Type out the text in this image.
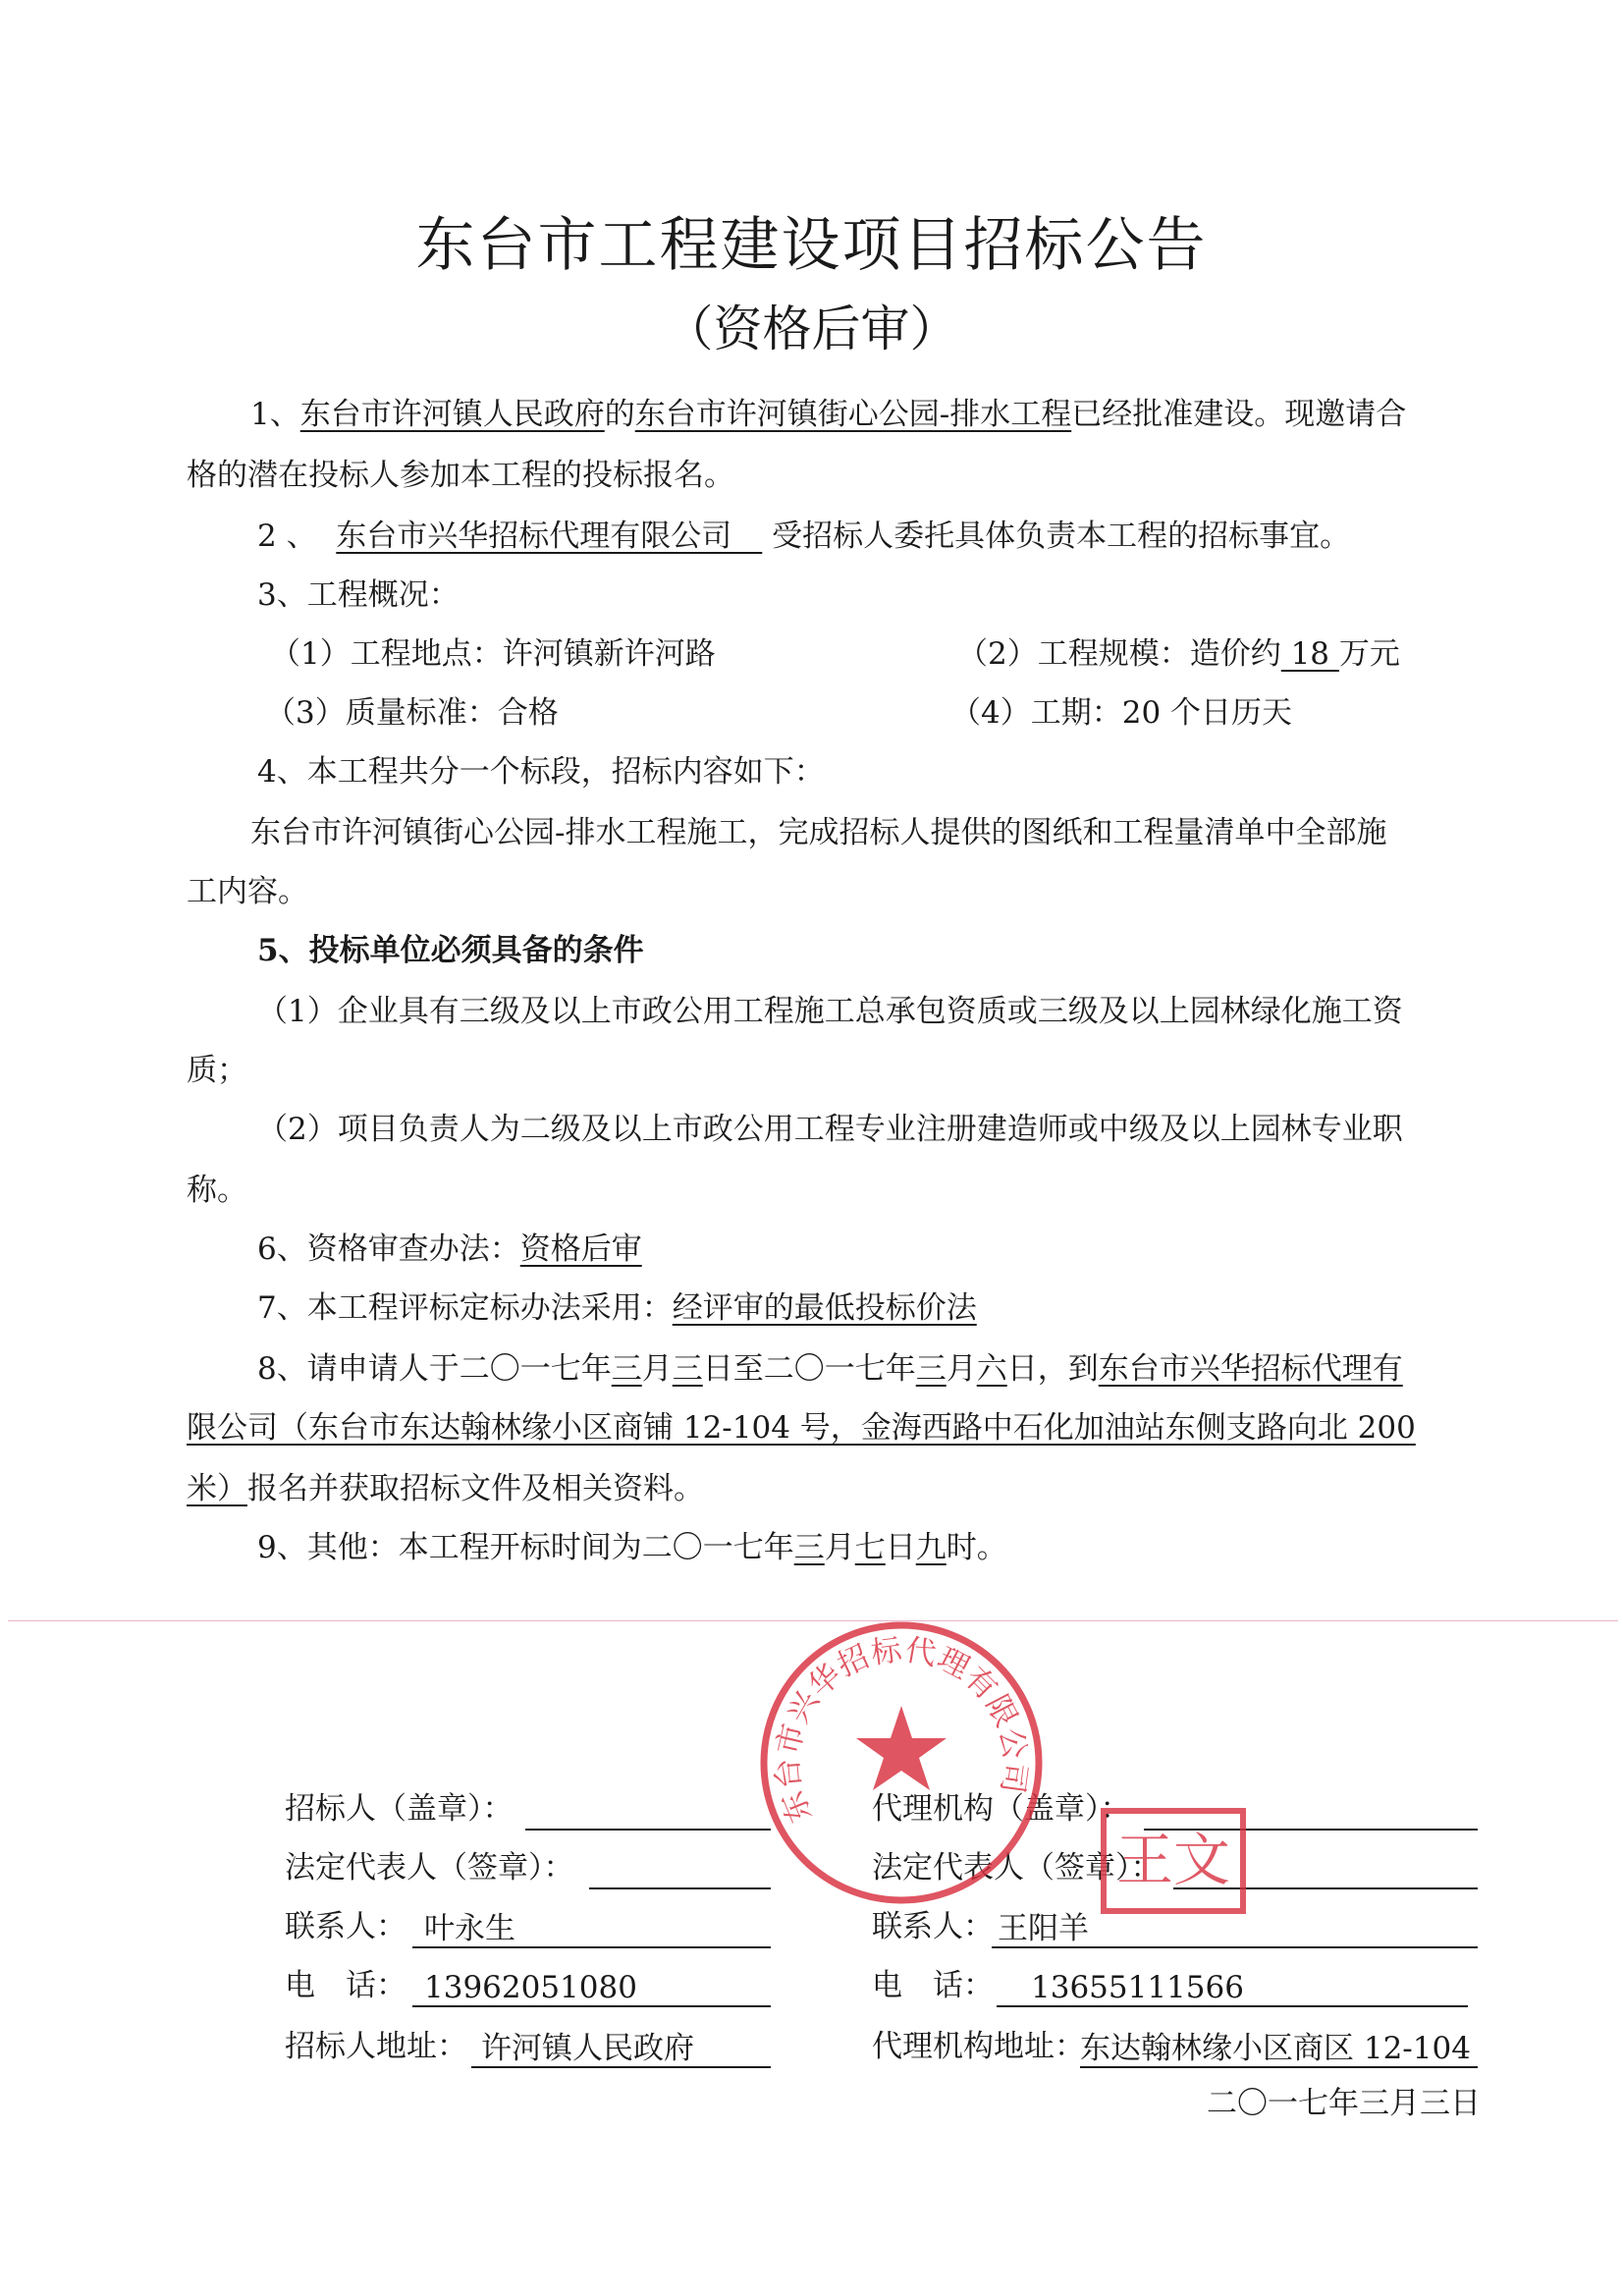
东台市工程建设项目招标公告
（资格后审）
1、东台市许河镇人民政府的东台市许河镇街心公园-排水工程已经批准建设。现邀请合
格的潜在投标人参加本工程的投标报名。
2 、 东台市兴华招标代理有限公司　 受招标人委托具体负责本工程的招标事宜。
3、工程概况：
（1）工程地点：许河镇新许河路	（2）工程规模：造价约 18 万元
（3）质量标准：合格	（4）工期：20 个日历天
4、本工程共分一个标段，招标内容如下：
东台市许河镇街心公园-排水工程施工，完成招标人提供的图纸和工程量清单中全部施
工内容。
5、投标单位必须具备的条件
（1）企业具有三级及以上市政公用工程施工总承包资质或三级及以上园林绿化施工资
质；
（2）项目负责人为二级及以上市政公用工程专业注册建造师或中级及以上园林专业职
称。
6、资格审查办法：资格后审
7、本工程评标定标办法采用：经评审的最低投标价法
8、请申请人于二〇一七年三月三日至二〇一七年三月六日，到东台市兴华招标代理有
限公司（东台市东达翰林缘小区商铺 12-104 号，金海西路中石化加油站东侧支路向北 200
米）报名并获取招标文件及相关资料。
9、其他：本工程开标时间为二〇一七年三月七日九时。
招标人（盖章）：
法定代表人（签章）：
联系人： 叶永生
电　话： 13962051080
招标人地址： 许河镇人民政府
代理机构（盖章）：
法定代表人（签章）：
联系人： 王阳羊
电　话：	13655111566
代理机构地址：
东达翰林缘小区商区 12-104
二〇一七年三月三日
东台市兴华招标代理有限公司
王文
